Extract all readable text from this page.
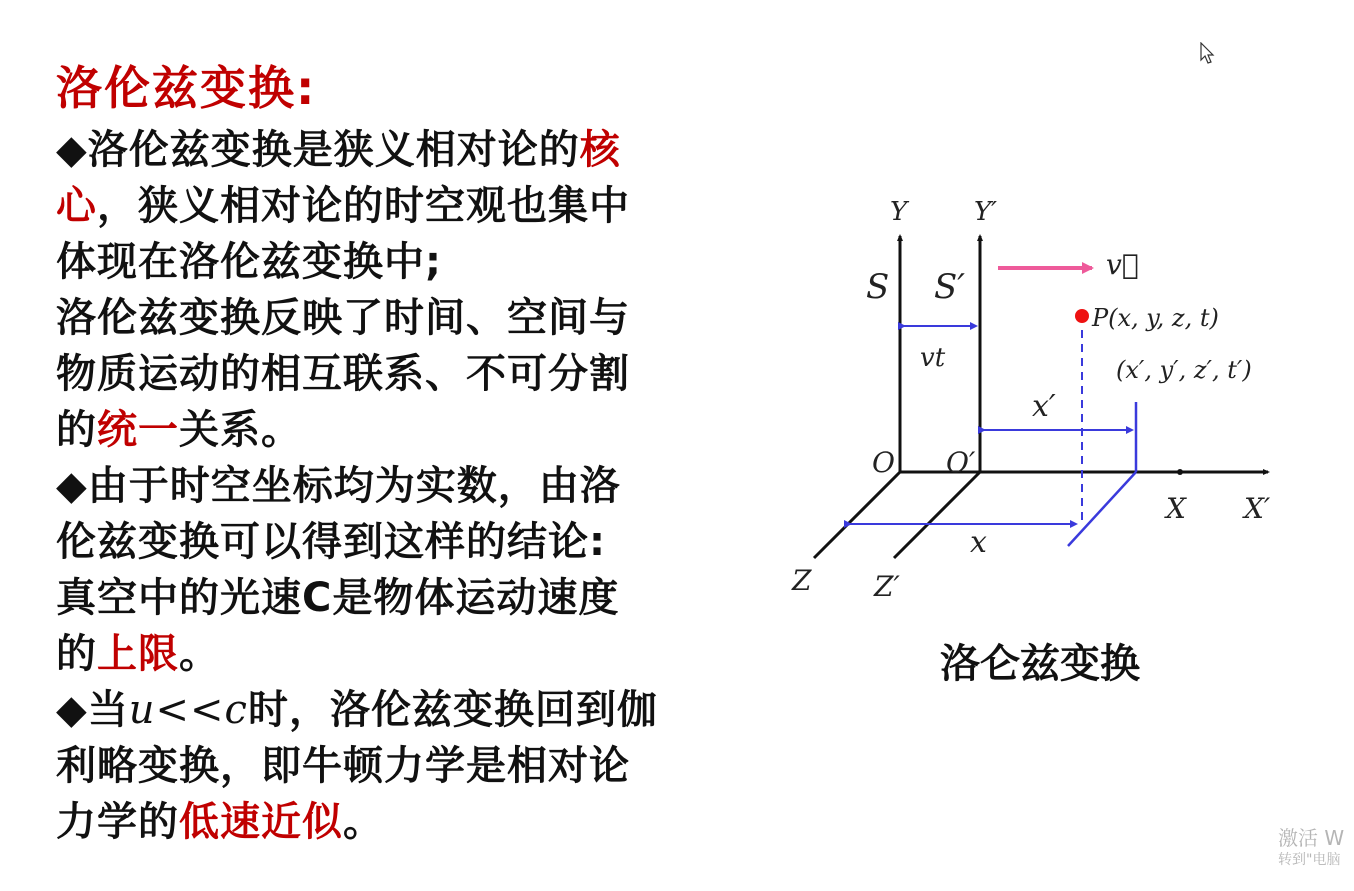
洛伦兹变换:
◆洛伦兹变换是狭义相对论的核
心，狭义相对论的时空观也集中
体现在洛伦兹变换中;
洛伦兹变换反映了时间、空间与
物质运动的相互联系、不可分割
的统一关系。
◆由于时空坐标均为实数，由洛
伦兹变换可以得到这样的结论:
真空中的光速C是物体运动速度
的上限。
◆当u<<c时，洛伦兹变换回到伽
利略变换，即牛顿力学是相对论
力学的低速近似。
Y	Y′
S S′
v⃗
P(x, y, z, t)
(x′, y′, z′, t′)
vt
x′
x
O O′
X X′
Z Z′
洛仑兹变换
激活 W
转到"电脑
